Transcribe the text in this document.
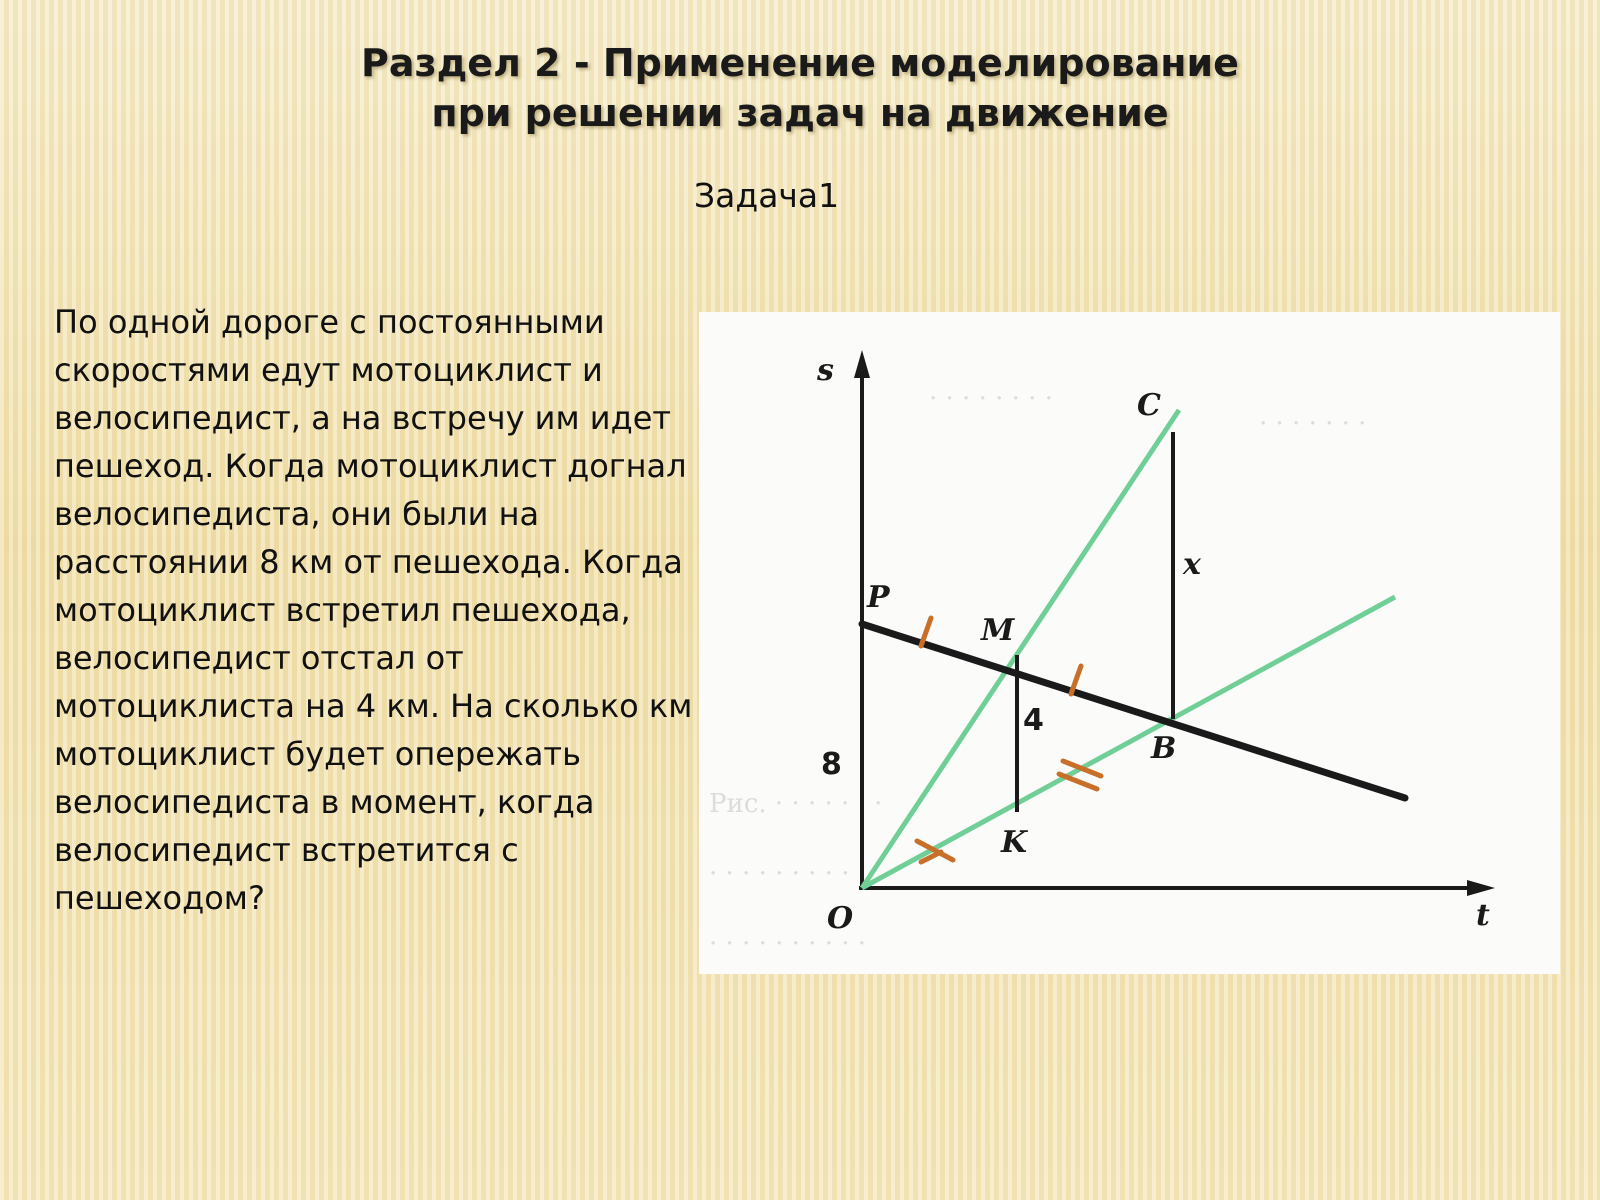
Раздел 2 - Применение моделирование
при решении задач на движение
Задача1
По одной дороге с постоянными скоростями едут мотоциклист и велосипедист, а на встречу им идет пешеход. Когда мотоциклист догнал велосипедиста, они были на расстоянии 8 км от пешехода. Когда мотоциклист встретил пешехода, велосипедист отстал от мотоциклиста на 4 км. На сколько км мотоциклист будет опережать велосипедиста в момент, когда велосипедист встретится с пешеходом?
· · · · · · · ·
· · · · · · ·
Рис. · · · · · · ·
· · · · · · · · · ·
· · · · · · · · · ·
s
t
O
P
M
C
B
K
x
4
8
